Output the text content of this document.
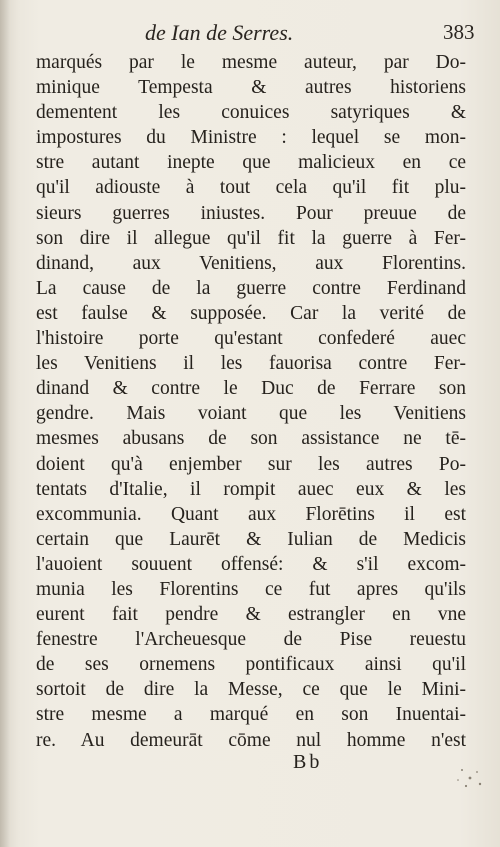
de Ian de Serres.	383
marqués par le mesme auteur, par Do-
minique Tempesta & autres historiens
dementent les conuices satyriques &
impostures du Ministre : lequel se mon-
stre autant inepte que malicieux en ce
qu'il adiouste à tout cela qu'il fit plu-
sieurs guerres iniustes. Pour preuue de
son dire il allegue qu'il fit la guerre à Fer-
dinand, aux Venitiens, aux Florentins.
La cause de la guerre contre Ferdinand
est faulse & supposée. Car la verité de
l'histoire porte qu'estant confederé auec
les Venitiens il les fauorisa contre Fer-
dinand & contre le Duc de Ferrare son
gendre. Mais voiant que les Venitiens
mesmes abusans de son assistance ne tē-
doient qu'à enjember sur les autres Po-
tentats d'Italie, il rompit auec eux & les
excommunia. Quant aux Florētins il est
certain que Laurēt & Iulian de Medicis
l'auoient souuent offensé: & s'il excom-
munia les Florentins ce fut apres qu'ils
eurent fait pendre & estrangler en vne
fenestre l'Archeuesque de Pise reuestu
de ses ornemens pontificaux ainsi qu'il
sortoit de dire la Messe, ce que le Mini-
stre mesme a marqué en son Inuentai-
re. Au demeurāt cōme nul homme n'est
Bb
